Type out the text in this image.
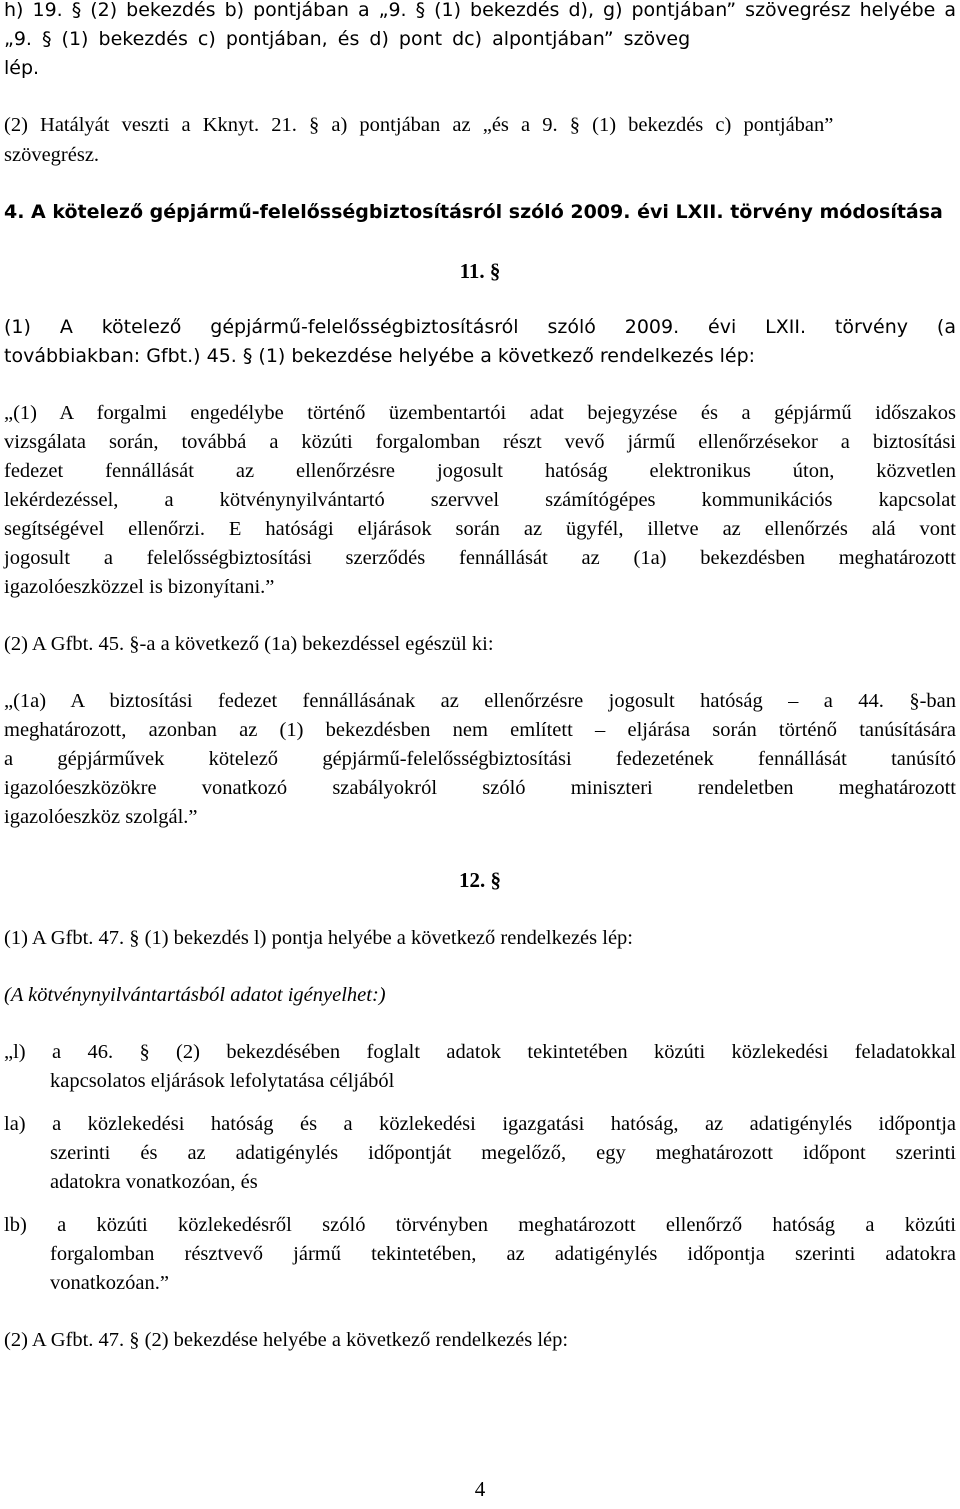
h) 19. § (2) bekezdés b) pontjában a „9. § (1) bekezdés d), g) pontjában” szövegrész helyébe a
„9. § (1) bekezdés c) pontjában, és d) pont dc) alpontjában” szöveg
lép.
(2) Hatályát veszti a Kknyt. 21. § a) pontjában az „és a 9. § (1) bekezdés c) pontjában”
szövegrész.
4. A kötelező gépjármű-felelősségbiztosításról szóló 2009. évi LXII. törvény módosítása
11. §
(1) A kötelező gépjármű-felelősségbiztosításról szóló 2009. évi LXII. törvény (a
továbbiakban: Gfbt.) 45. § (1) bekezdése helyébe a következő rendelkezés lép:
„(1) A forgalmi engedélybe történő üzembentartói adat bejegyzése és a gépjármű időszakos
vizsgálata során, továbbá a közúti forgalomban részt vevő jármű ellenőrzésekor a biztosítási
fedezet fennállását az ellenőrzésre jogosult hatóság elektronikus úton, közvetlen
lekérdezéssel, a kötvénynyilvántartó szervvel számítógépes kommunikációs kapcsolat
segítségével ellenőrzi. E hatósági eljárások során az ügyfél, illetve az ellenőrzés alá vont
jogosult a felelősségbiztosítási szerződés fennállását az (1a) bekezdésben meghatározott
igazolóeszközzel is bizonyítani.”
(2) A Gfbt. 45. §-a a következő (1a) bekezdéssel egészül ki:
„(1a) A biztosítási fedezet fennállásának az ellenőrzésre jogosult hatóság – a 44. §-ban
meghatározott, azonban az (1) bekezdésben nem említett – eljárása során történő tanúsítására
a gépjárművek kötelező gépjármű-felelősségbiztosítási fedezetének fennállását tanúsító
igazolóeszközökre vonatkozó szabályokról szóló miniszteri rendeletben meghatározott
igazolóeszköz szolgál.”
12. §
(1) A Gfbt. 47. § (1) bekezdés l) pontja helyébe a következő rendelkezés lép:
(A kötvénynyilvántartásból adatot igényelhet:)
„l) a 46. § (2) bekezdésében foglalt adatok tekintetében közúti közlekedési feladatokkal
kapcsolatos eljárások lefolytatása céljából
la) a közlekedési hatóság és a közlekedési igazgatási hatóság, az adatigénylés időpontja
szerinti és az adatigénylés időpontját megelőző, egy meghatározott időpont szerinti
adatokra vonatkozóan, és
lb) a közúti közlekedésről szóló törvényben meghatározott ellenőrző hatóság a közúti
forgalomban résztvevő jármű tekintetében, az adatigénylés időpontja szerinti adatokra
vonatkozóan.”
(2) A Gfbt. 47. § (2) bekezdése helyébe a következő rendelkezés lép:
4
